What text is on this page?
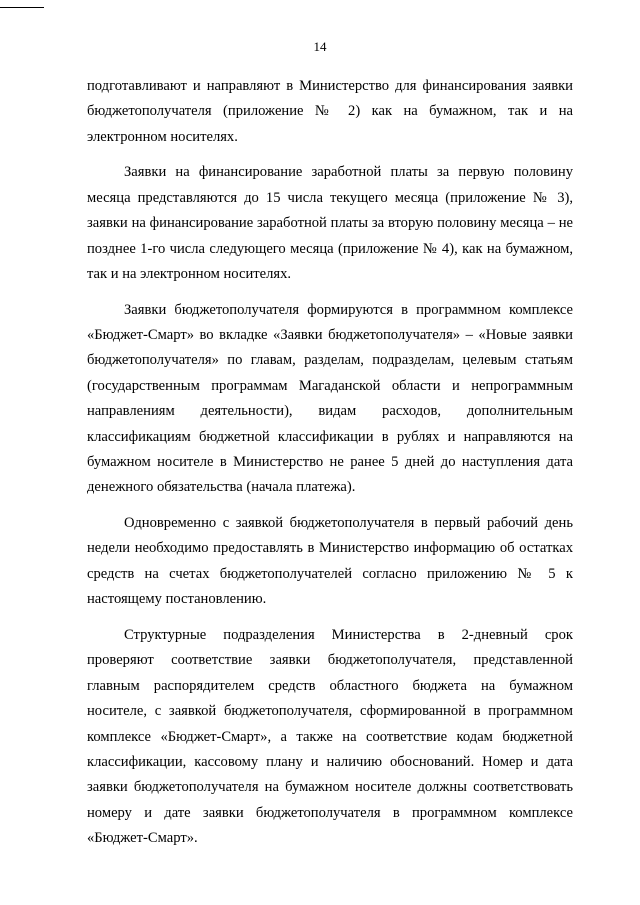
14

подготавливают и направляют в Министерство для финансирования заявки бюджетополучателя (приложение № 2) как на бумажном, так и на электронном носителях.

Заявки на финансирование заработной платы за первую половину месяца представляются до 15 числа текущего месяца (приложение № 3), заявки на финансирование заработной платы за вторую половину месяца – не позднее 1-го числа следующего месяца (приложение № 4), как на бумажном, так и на электронном носителях.

Заявки бюджетополучателя формируются в программном комплексе «Бюджет-Смарт» во вкладке «Заявки бюджетополучателя» – «Новые заявки бюджетополучателя» по главам, разделам, подразделам, целевым статьям (государственным программам Магаданской области и непрограммным направлениям деятельности), видам расходов, дополнительным классификациям бюджетной классификации в рублях и направляются на бумажном носителе в Министерство не ранее 5 дней до наступления дата денежного обязательства (начала платежа).

Одновременно с заявкой бюджетополучателя в первый рабочий день недели необходимо предоставлять в Министерство информацию об остатках средств на счетах бюджетополучателей согласно приложению № 5 к настоящему постановлению.

Структурные подразделения Министерства в 2-дневный срок проверяют соответствие заявки бюджетополучателя, представленной главным распорядителем средств областного бюджета на бумажном носителе, с заявкой бюджетополучателя, сформированной в программном комплексе «Бюджет-Смарт», а также на соответствие кодам бюджетной классификации, кассовому плану и наличию обоснований. Номер и дата заявки бюджетополучателя на бумажном носителе должны соответствовать номеру и дате заявки бюджетополучателя в программном комплексе «Бюджет-Смарт».
